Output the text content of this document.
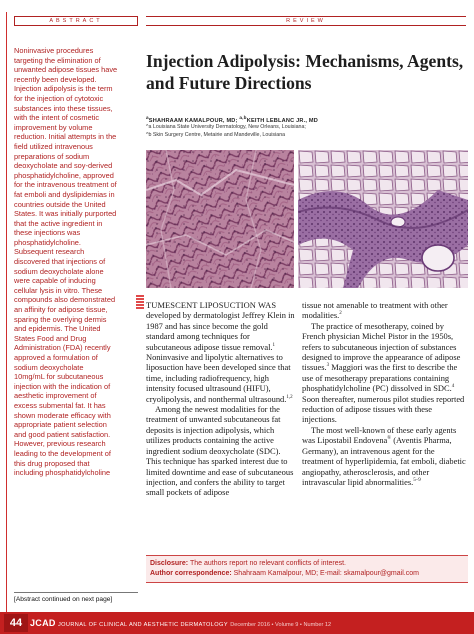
ABSTRACT	REVIEW
Noninvasive procedures
targeting the elimination of
unwanted adipose tissues have
recently been developed.
Injection adipolysis is the term
for the injection of cytotoxic
substances into these tissues,
with the intent of cosmetic
improvement by volume
reduction. Initial attempts in the
field utilized intravenous
preparations of sodium
deoxycholate and soy-derived
phosphatidylcholine, approved
for the intravenous treatment of
fat emboli and dyslipidemias in
countries outside the United
States. It was initially purported
that the active ingredient in
these injections was
phosphatidylcholine.
Subsequent research
discovered that injections of
sodium deoxycholate alone
were capable of inducing
cellular lysis in vitro. These
compounds also demonstrated
an affinity for adipose tissue,
sparing the overlying dermis
and epidermis. The United
States Food and Drug
Administration (FDA) recently
approved a formulation of
sodium deoxycholate
10mg/mL for subcutaneous
injection with the indication of
aesthetic improvement of
excess submental fat. It has
shown moderate efficacy with
appropriate patient selection
and good patient satisfaction.
However, previous research
leading to the development of
this drug proposed that
including phosphatidylcholine
[Abstract continued on next page]
Injection Adipolysis: Mechanisms, Agents, and Future Directions
$^a$SHAHRAAM KAMALPOUR, MD; $^{a,b}$KEITH LEBLANC JR., MD
^a Louisiana State University Dermatology, New Orleans, Louisiana;
^b Skin Surgery Centre, Metairie and Mandeville, Louisiana

TUMESCENT LIPOSUCTION WAS developed by dermatologist Jeffrey Klein in 1987 and has since become the gold standard among techniques for subcutaneous adipose tissue removal.$^1$ Noninvasive and lipolytic alternatives to liposuction have been developed since that time, including radiofrequency, high intensity focused ultrasound (HIFU), cryolipolysis, and nonthermal ultrasound.$^{1,2}$

Among the newest modalities for the treatment of unwanted subcutaneous fat deposits is injection adipolysis, which utilizes products containing the active ingredient sodium deoxycholate (SDC). This technique has sparked interest due to limited downtime and ease of subcutaneous injection, and confers the ability to target small pockets of adipose

tissue not amenable to treatment with other modalities.$^2$

The practice of mesotherapy, coined by French physician Michel Pistor in the 1950s, refers to subcutaneous injection of substances designed to improve the appearance of adipose tissues.$^3$ Maggiori was the first to describe the use of mesotherapy preparations containing phosphatidylcholine (PC) dissolved in SDC.$^4$ Soon thereafter, numerous pilot studies reported reduction of adipose tissues with these injections.

The most well-known of these early agents was Lipostabil Endovena® (Aventis Pharma, Germany), an intravenous agent for the treatment of hyperlipidemia, fat emboli, diabetic angiopathy, atherosclerosis, and other intravascular lipid abnormalities.$^{5-9}$

Disclosure: The authors report no relevant conflicts of interest.
Author correspondence: Shahraam Kamalpour, MD; E-mail: skamalpour@gmail.com
44 JCAD JOURNAL OF CLINICAL AND AESTHETIC DERMATOLOGY December 2016 • Volume 9 • Number 12
